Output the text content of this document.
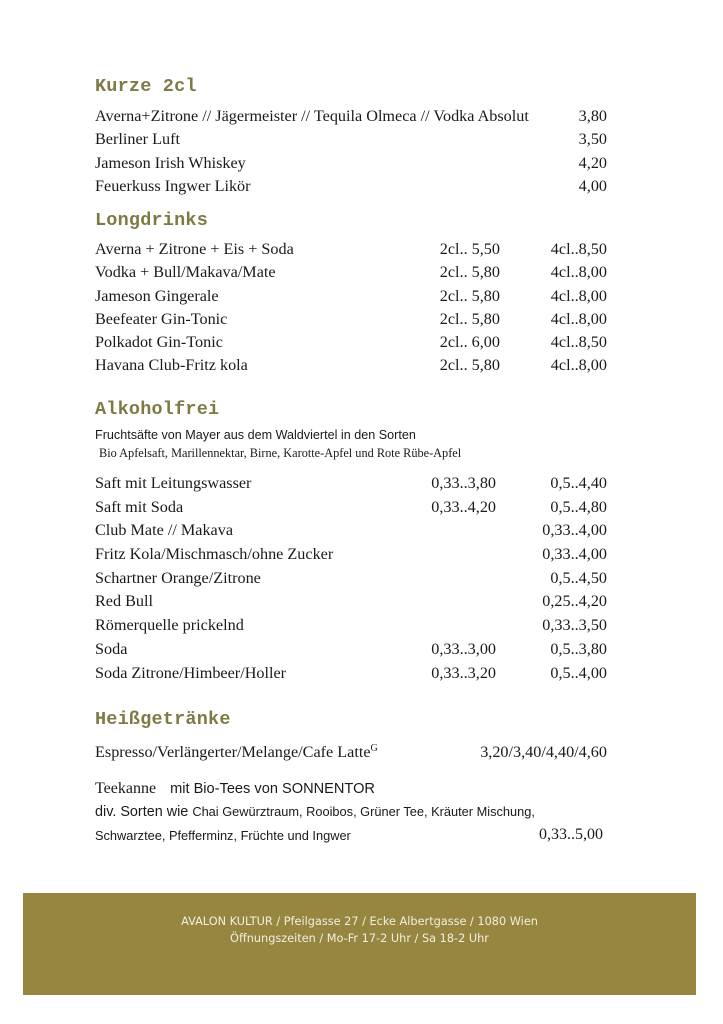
Kurze 2cl
Averna+Zitrone // Jägermeister // Tequila Olmeca // Vodka Absolut	3,80
Berliner Luft	3,50
Jameson Irish Whiskey	4,20
Feuerkuss Ingwer Likör	4,00
Longdrinks
Averna + Zitrone + Eis + Soda	2cl.. 5,50	4cl..8,50
Vodka + Bull/Makava/Mate	2cl.. 5,80	4cl..8,00
Jameson Gingerale	2cl.. 5,80	4cl..8,00
Beefeater Gin-Tonic	2cl.. 5,80	4cl..8,00
Polkadot Gin-Tonic	2cl.. 6,00	4cl..8,50
Havana Club-Fritz kola	2cl.. 5,80	4cl..8,00
Alkoholfrei
Fruchtsäfte von Mayer aus dem Waldviertel in den Sorten
Bio Apfelsaft, Marillennektar, Birne, Karotte-Apfel und Rote Rübe-Apfel
Saft mit Leitungswasser	0,33..3,80	0,5..4,40
Saft mit Soda	0,33..4,20	0,5..4,80
Club Mate // Makava	0,33..4,00
Fritz Kola/Mischmasch/ohne Zucker	0,33..4,00
Schartner Orange/Zitrone	0,5..4,50
Red Bull	0,25..4,20
Römerquelle prickelnd	0,33..3,50
Soda	0,33..3,00	0,5..3,80
Soda Zitrone/Himbeer/Holler	0,33..3,20	0,5..4,00
Heißgetränke
Espresso/Verlängerter/Melange/Cafe Latte$^G$	3,20/3,40/4,40/4,60
Teekanne mit Bio-Tees von SONNENTOR
div. Sorten wie Chai Gewürztraum, Rooibos, Grüner Tee, Kräuter Mischung,
Schwarztee, Pfefferminz, Früchte und Ingwer	0,33..5,00
AVALON KULTUR / Pfeilgasse 27 / Ecke Albertgasse / 1080 Wien
Öffnungszeiten / Mo-Fr 17-2 Uhr / Sa 18-2 Uhr
